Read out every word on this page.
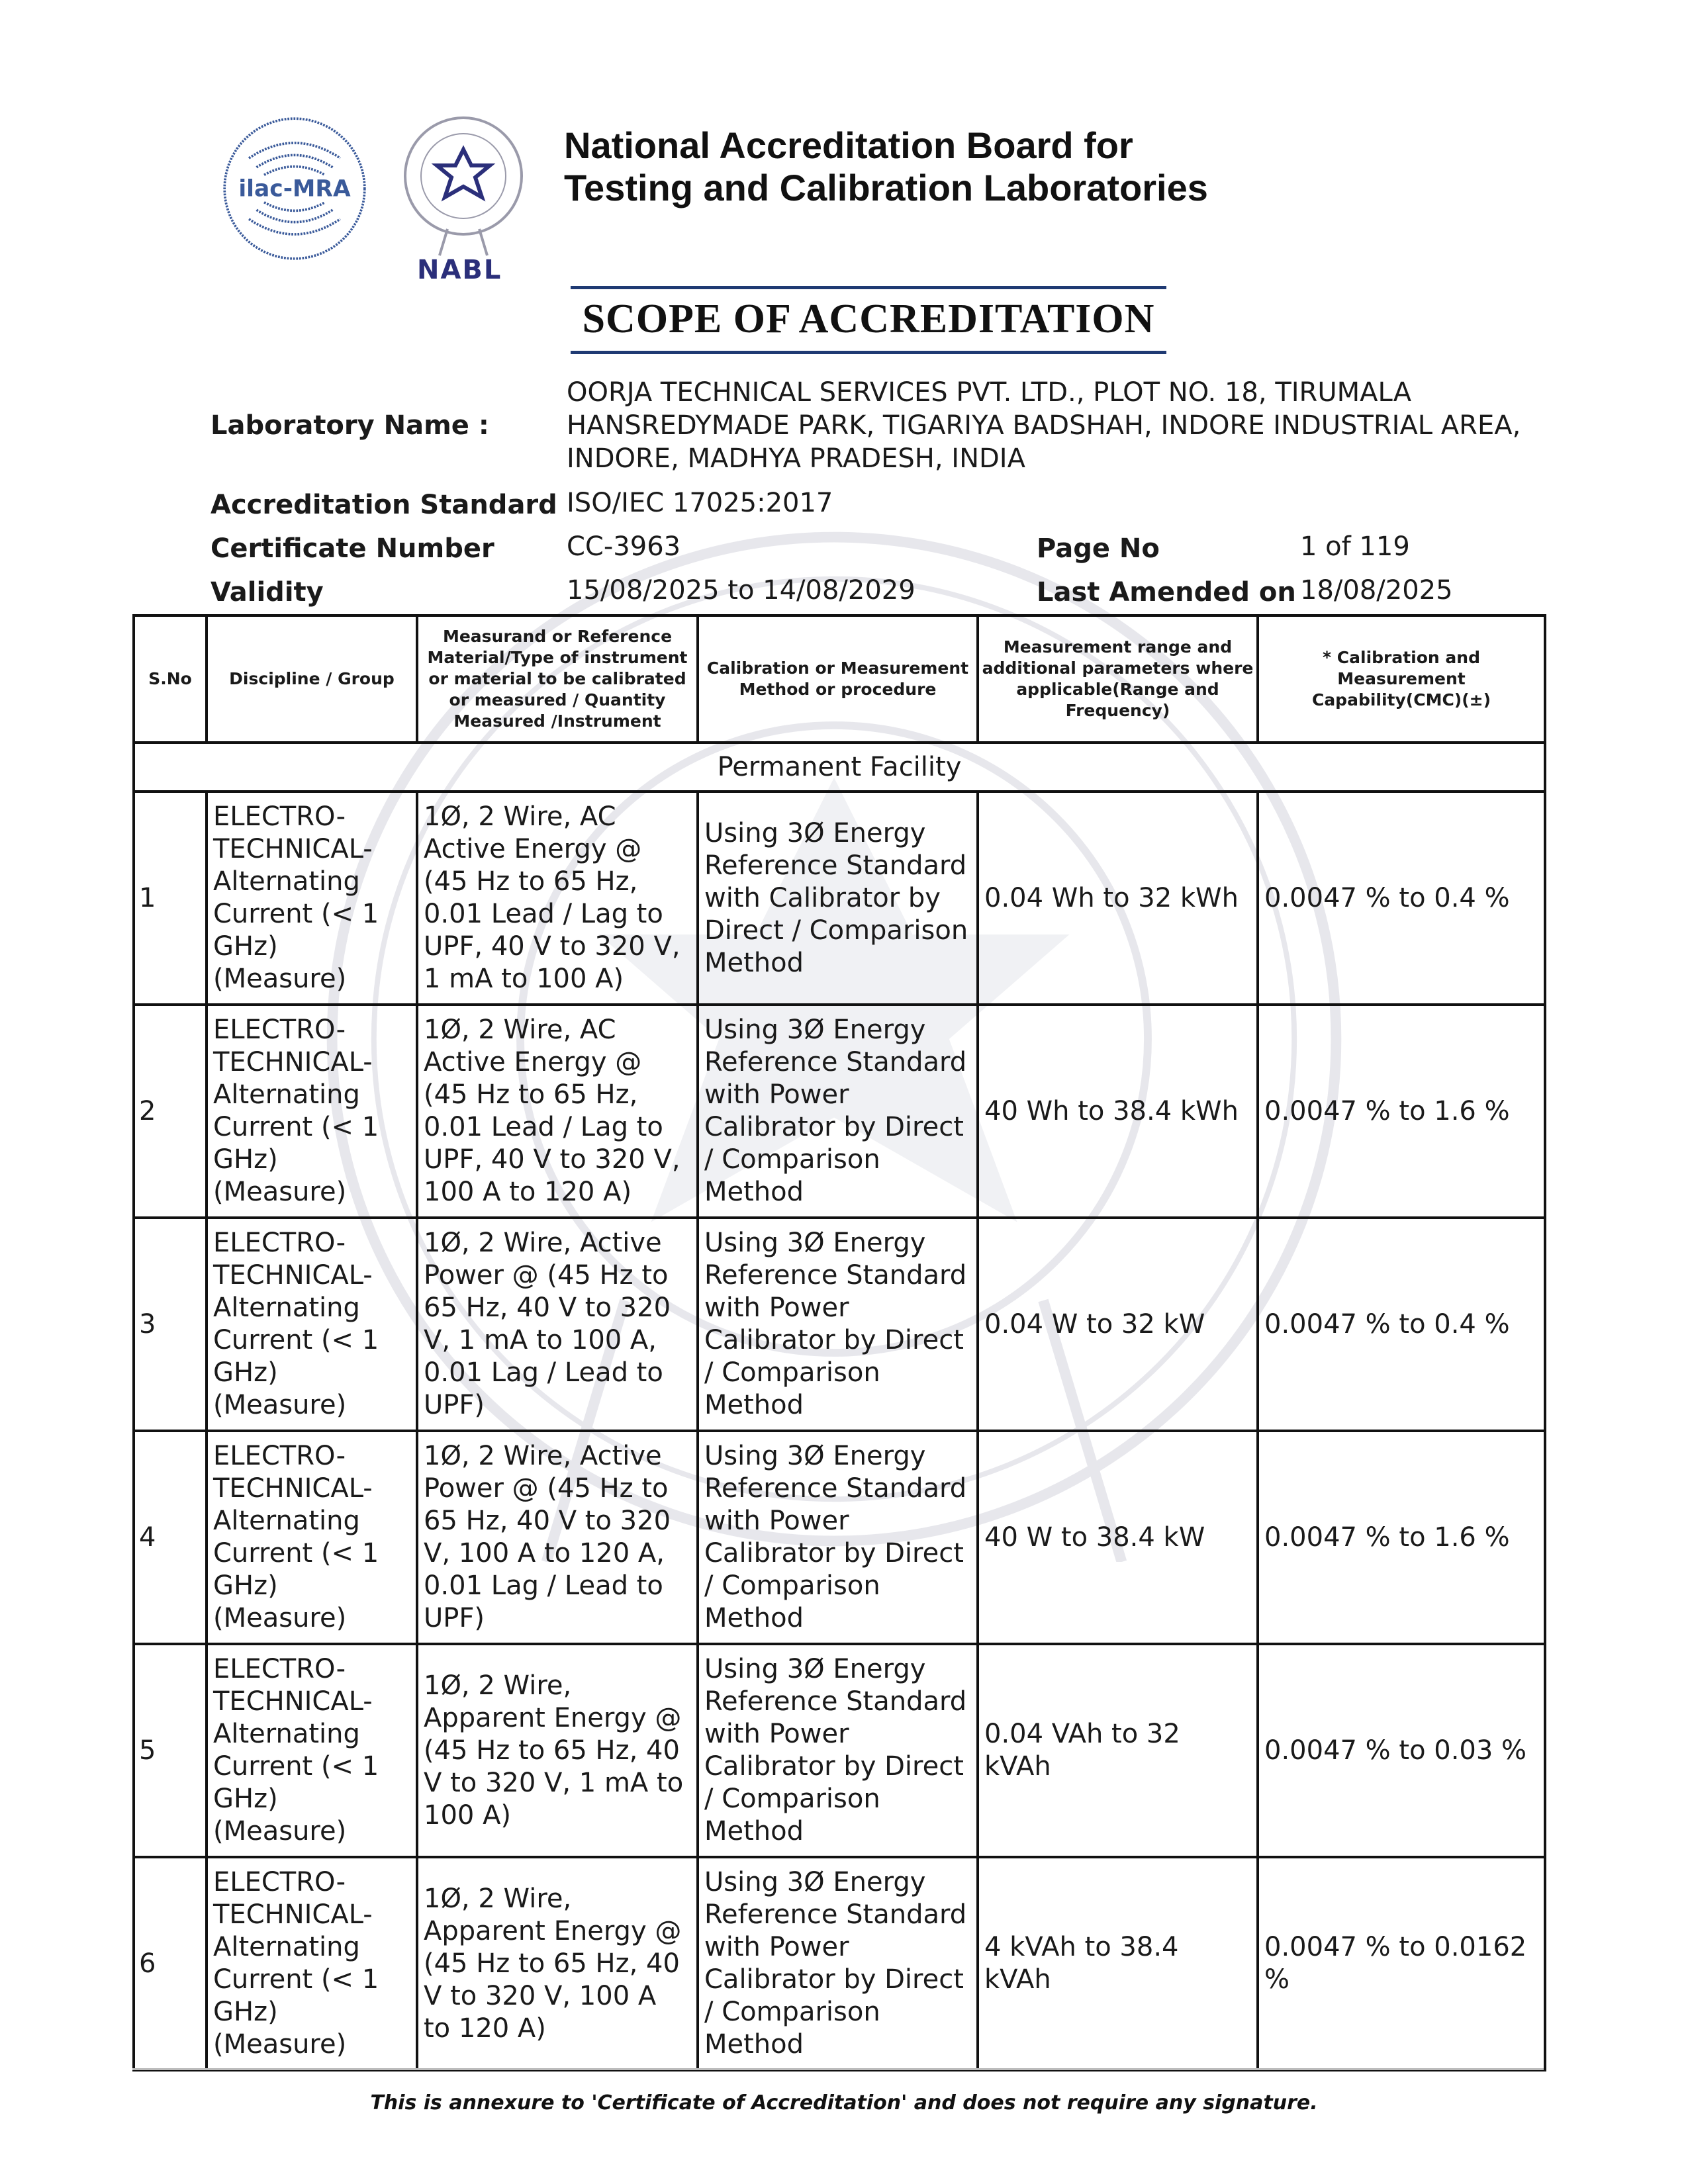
ilac-MRA
NABL
National Accreditation Board for
Testing and Calibration Laboratories
SCOPE OF ACCREDITATION
Laboratory Name :
OORJA TECHNICAL SERVICES PVT. LTD., PLOT NO. 18, TIRUMALA
HANSREDYMADE PARK, TIGARIYA BADSHAH, INDORE INDUSTRIAL AREA,
INDORE, MADHYA PRADESH, INDIA
Accreditation Standard ISO/IEC 17025:2017
Certificate Number	CC-3963	Page No	1 of 119
Validity	15/08/2025 to 14/08/2029	Last Amended on 18/08/2025
S.No	Discipline / Group	Measurand or Reference Material/Type of instrument or material to be calibrated or measured / Quantity Measured /Instrument	Calibration or Measurement Method or procedure	Measurement range and additional parameters where applicable(Range and Frequency)	* Calibration and Measurement Capability(CMC)(±)
Permanent Facility					
1	ELECTRO-TECHNICAL-Alternating Current (< 1 GHz) (Measure)	1Ø, 2 Wire, AC Active Energy @ (45 Hz to 65 Hz, 0.01 Lead / Lag to UPF, 40 V to 320 V, 1 mA to 100 A)	Using 3Ø Energy Reference Standard with Calibrator by Direct / Comparison Method	0.04 Wh to 32 kWh	0.0047 % to 0.4 %
2	ELECTRO-TECHNICAL-Alternating Current (< 1 GHz) (Measure)	1Ø, 2 Wire, AC Active Energy @ (45 Hz to 65 Hz, 0.01 Lead / Lag to UPF, 40 V to 320 V, 100 A to 120 A)	Using 3Ø Energy Reference Standard with Power Calibrator by Direct / Comparison Method	40 Wh to 38.4 kWh	0.0047 % to 1.6 %
3	ELECTRO-TECHNICAL-Alternating Current (< 1 GHz) (Measure)	1Ø, 2 Wire, Active Power @ (45 Hz to 65 Hz, 40 V to 320 V, 1 mA to 100 A, 0.01 Lag / Lead to UPF)	Using 3Ø Energy Reference Standard with Power Calibrator by Direct / Comparison Method	0.04 W to 32 kW	0.0047 % to 0.4 %
4	ELECTRO-TECHNICAL-Alternating Current (< 1 GHz) (Measure)	1Ø, 2 Wire, Active Power @ (45 Hz to 65 Hz, 40 V to 320 V, 100 A to 120 A, 0.01 Lag / Lead to UPF)	Using 3Ø Energy Reference Standard with Power Calibrator by Direct / Comparison Method	40 W to 38.4 kW	0.0047 % to 1.6 %
5	ELECTRO-TECHNICAL-Alternating Current (< 1 GHz) (Measure)	1Ø, 2 Wire, Apparent Energy @ (45 Hz to 65 Hz, 40 V to 320 V, 1 mA to 100 A)	Using 3Ø Energy Reference Standard with Power Calibrator by Direct / Comparison Method	0.04 VAh to 32 kVAh	0.0047 % to 0.03 %
6	ELECTRO-TECHNICAL-Alternating Current (< 1 GHz) (Measure)	1Ø, 2 Wire, Apparent Energy @ (45 Hz to 65 Hz, 40 V to 320 V, 100 A to 120 A)	Using 3Ø Energy Reference Standard with Power Calibrator by Direct / Comparison Method	4 kVAh to 38.4 kVAh	0.0047 % to 0.0162 %
This is annexure to 'Certificate of Accreditation' and does not require any signature.
